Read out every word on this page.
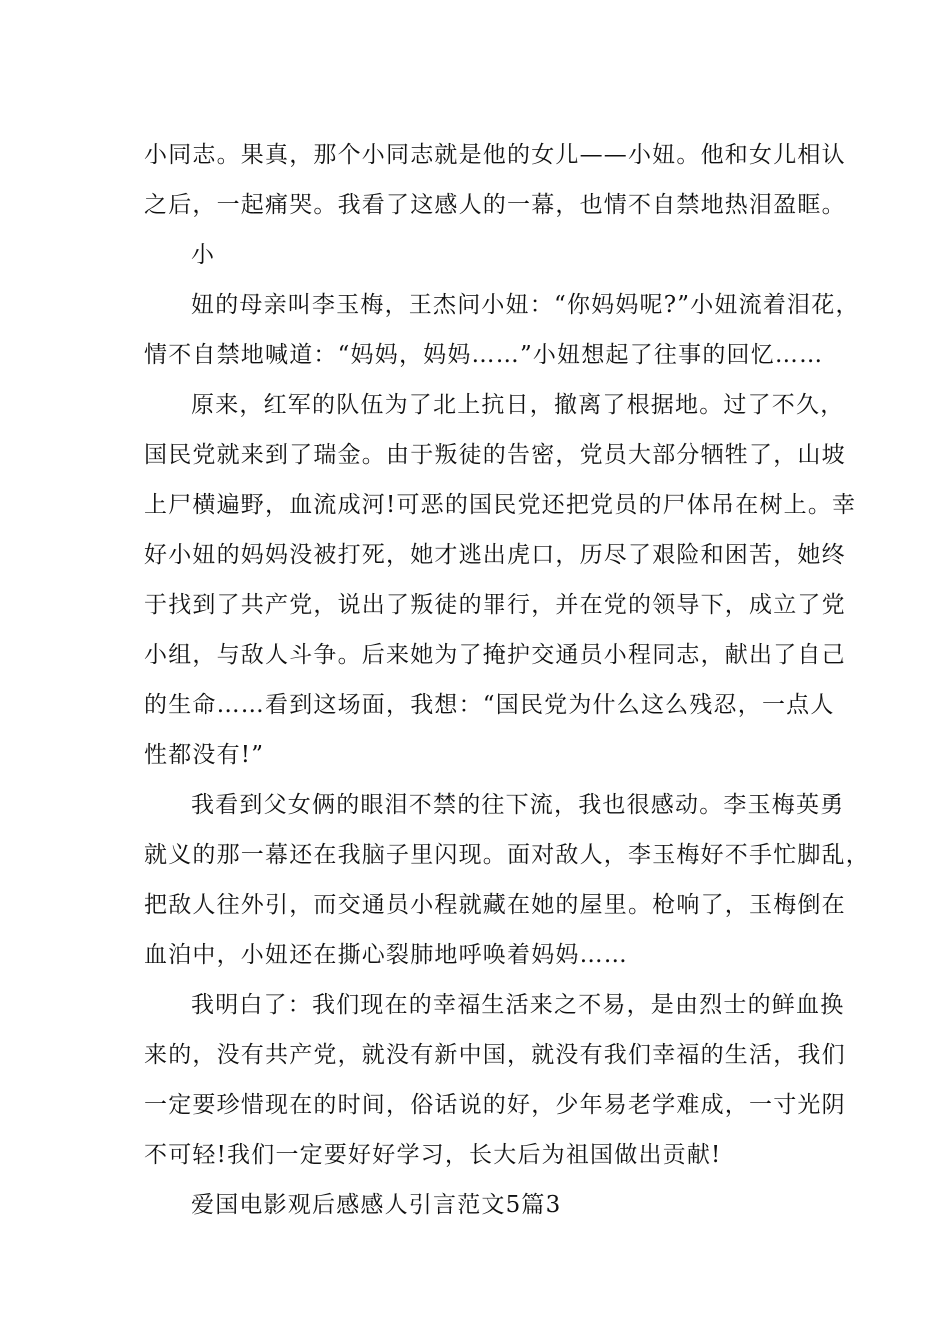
小同志。果真，那个小同志就是他的女儿——小妞。他和女儿相认
之后，一起痛哭。我看了这感人的一幕，也情不自禁地热泪盈眶。
小
妞的母亲叫李玉梅，王杰问小妞：“你妈妈呢?”小妞流着泪花，
情不自禁地喊道：“妈妈，妈妈……”小妞想起了往事的回忆……
原来，红军的队伍为了北上抗日，撤离了根据地。过了不久，
国民党就来到了瑞金。由于叛徒的告密，党员大部分牺牲了，山坡
上尸横遍野，血流成河!可恶的国民党还把党员的尸体吊在树上。幸
好小妞的妈妈没被打死，她才逃出虎口，历尽了艰险和困苦，她终
于找到了共产党，说出了叛徒的罪行，并在党的领导下，成立了党
小组，与敌人斗争。后来她为了掩护交通员小程同志，献出了自己
的生命……看到这场面，我想：“国民党为什么这么残忍，一点人
性都没有!”
我看到父女俩的眼泪不禁的往下流，我也很感动。李玉梅英勇
就义的那一幕还在我脑子里闪现。面对敌人，李玉梅好不手忙脚乱，
把敌人往外引，而交通员小程就藏在她的屋里。枪响了，玉梅倒在
血泊中，小妞还在撕心裂肺地呼唤着妈妈……
我明白了：我们现在的幸福生活来之不易，是由烈士的鲜血换
来的，没有共产党，就没有新中国，就没有我们幸福的生活，我们
一定要珍惜现在的时间，俗话说的好，少年易老学难成，一寸光阴
不可轻!我们一定要好好学习，长大后为祖国做出贡献!
爱国电影观后感感人引言范文5篇3
